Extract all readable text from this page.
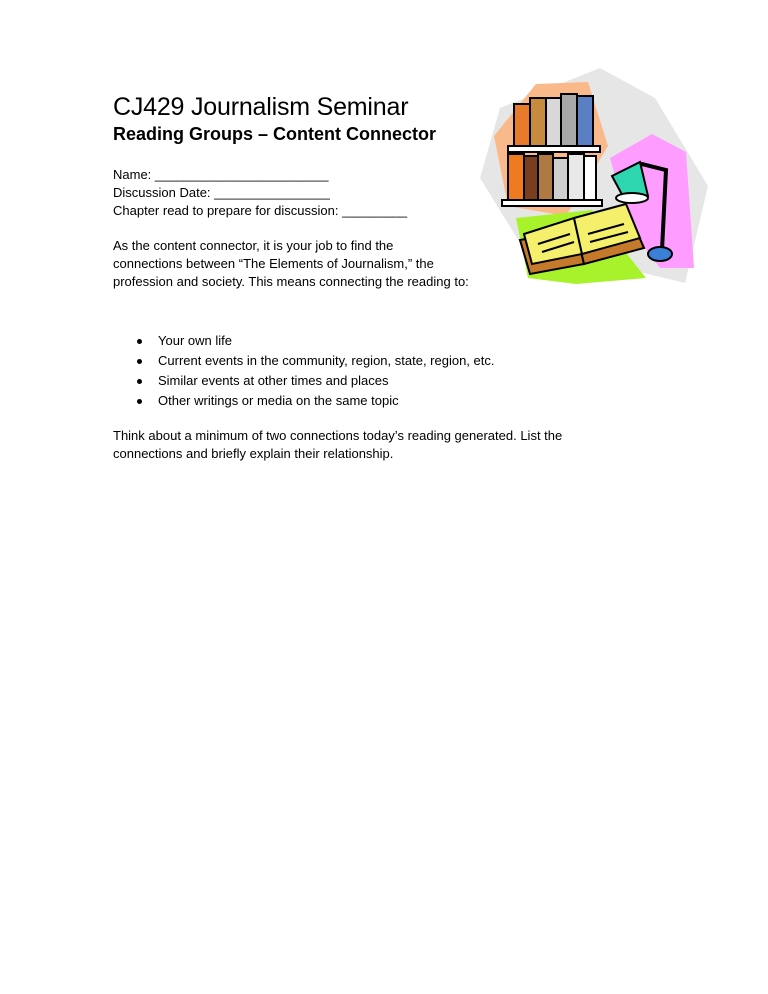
CJ429 Journalism Seminar
Reading Groups – Content Connector
Name: ________________________
Discussion Date: ________________
Chapter read to prepare for discussion: _________
As the content connector, it is your job to find the
connections between “The Elements of Journalism,” the
profession and society. This means connecting the reading to:
Your own life
Current events in the community, region, state, region, etc.
Similar events at other times and places
Other writings or media on the same topic
Think about a minimum of two connections today’s reading generated. List the
connections and briefly explain their relationship.
